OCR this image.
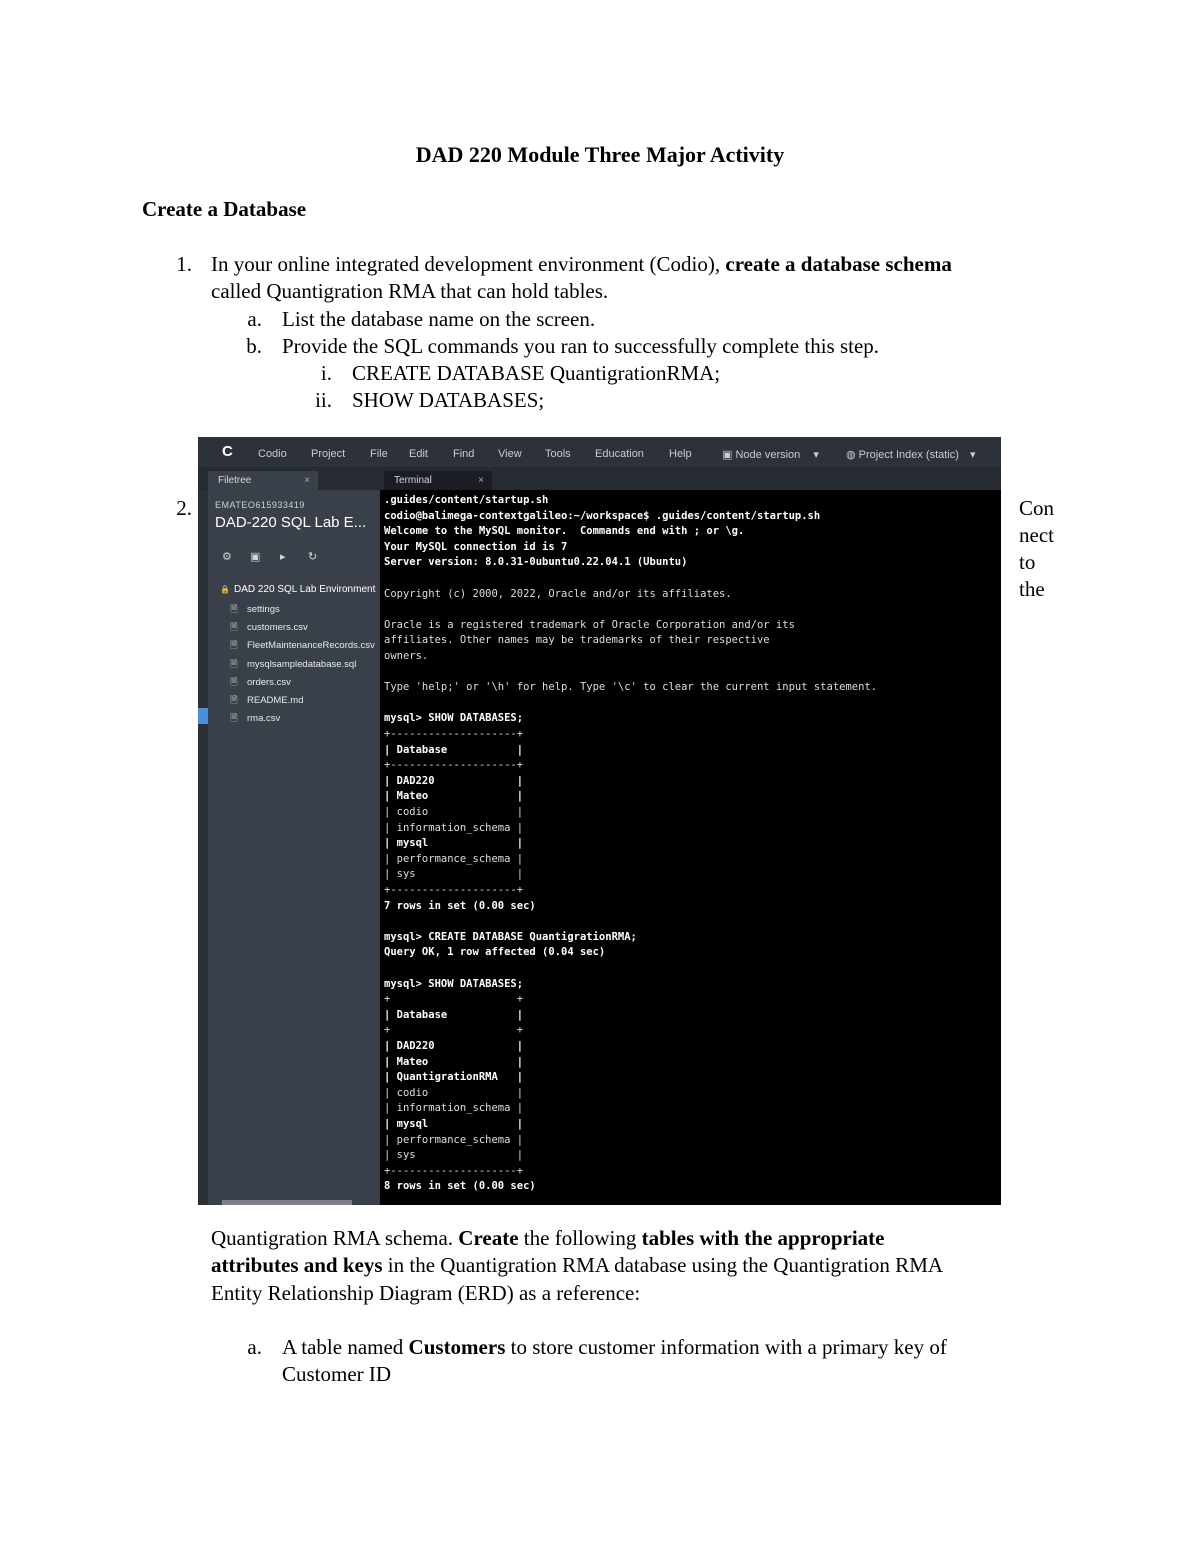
DAD 220 Module Three Major Activity
Create a Database
1. In your online integrated development environment (Codio), create a database schema
called Quantigration RMA that can hold tables.
a. List the database name on the screen.
b. Provide the SQL commands you ran to successfully complete this step.
i. CREATE DATABASE QuantigrationRMA;
ii. SHOW DATABASES;
2.	Con
nect
to
the
C Codio Project File Edit Find View Tools Education Help	▣ Node version ▾ ◍ Project Index (static) ▾
Filetree	×	Terminal	×
EMATEO615933419
DAD-220 SQL Lab E...
⚙ ▣ ▸ ↻
🔒 DAD 220 SQL Lab Environment
🗎 settings
🗎 customers.csv
🗎 FleetMaintenanceRecords.csv
🗎 mysqlsampledatabase.sql
🗎 orders.csv
🗎 README.md
🗎 rma.csv
.guides/content/startup.sh
codio@balimega-contextgalileo:~/workspace$ .guides/content/startup.sh
Welcome to the MySQL monitor.  Commands end with ; or \g.
Your MySQL connection id is 7
Server version: 8.0.31-0ubuntu0.22.04.1 (Ubuntu)
Copyright (c) 2000, 2022, Oracle and/or its affiliates.
Oracle is a registered trademark of Oracle Corporation and/or its
affiliates. Other names may be trademarks of their respective
owners.
Type 'help;' or '\h' for help. Type '\c' to clear the current input statement.
mysql> SHOW DATABASES;
+--------------------+
| Database           |
+--------------------+
| DAD220             |
| Mateo              |
| codio              |
| information_schema |
| mysql              |
| performance_schema |
| sys                |
+--------------------+
7 rows in set (0.00 sec)
mysql> CREATE DATABASE QuantigrationRMA;
Query OK, 1 row affected (0.04 sec)
mysql> SHOW DATABASES;
+                    +
| Database           |
+                    +
| DAD220             |
| Mateo              |
| QuantigrationRMA   |
| codio              |
| information_schema |
| mysql              |
| performance_schema |
| sys                |
+--------------------+
8 rows in set (0.00 sec)
Quantigration RMA schema. Create the following tables with the appropriate
attributes and keys in the Quantigration RMA database using the Quantigration RMA
Entity Relationship Diagram (ERD) as a reference:
a. A table named Customers to store customer information with a primary key of
Customer ID
